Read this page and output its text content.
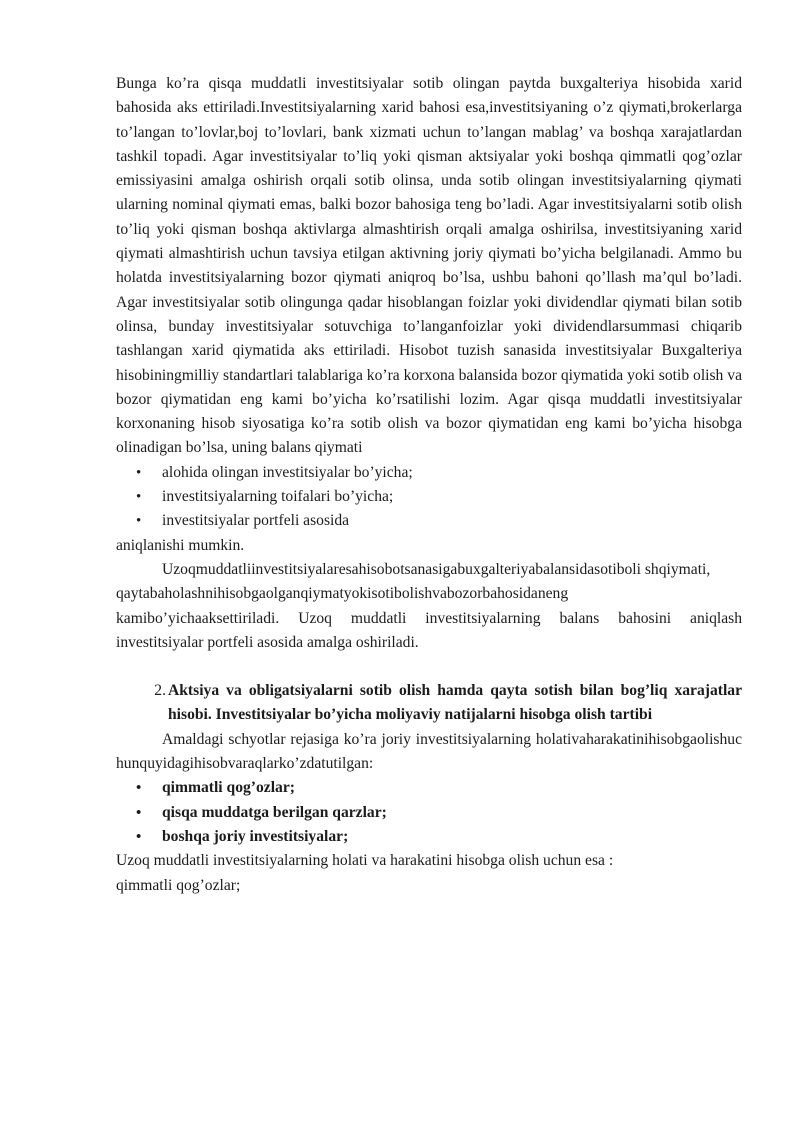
Bunga ko’ra qisqa muddatli investitsiyalar sotib olingan paytda buxgalteriya hisobida xarid bahosida aks ettiriladi.Investitsiyalarning xarid bahosi esa,investitsiyaning o’z qiymati,brokerlarga to’langan to’lovlar,boj to’lovlari, bank xizmati uchun to’langan mablag’ va boshqa xarajatlardan tashkil topadi. Agar investitsiyalar to’liq yoki qisman aktsiyalar yoki boshqa qimmatli qog’ozlar emissiyasini amalga oshirish orqali sotib olinsa, unda sotib olingan investitsiyalarning qiymati ularning nominal qiymati emas, balki bozor bahosiga teng bo’ladi. Agar investitsiyalarni sotib olish to’liq yoki qisman boshqa aktivlarga almashtirish orqali amalga oshirilsa, investitsiyaning xarid qiymati almashtirish uchun tavsiya etilgan aktivning joriy qiymati bo’yicha belgilanadi. Ammo bu holatda investitsiyalarning bozor qiymati aniqroq bo’lsa, ushbu bahoni qo’llash ma’qul bo’ladi. Agar investitsiyalar sotib olingunga qadar hisoblangan foizlar yoki dividendlar qiymati bilan sotib olinsa, bunday investitsiyalar sotuvchiga to’langanfoizlar yoki dividendlarsummasi chiqarib tashlangan xarid qiymatida aks ettiriladi. Hisobot tuzish sanasida investitsiyalar Buxgalteriya hisobiningmilliy standartlari talablariga ko’ra korxona balansida bozor qiymatida yoki sotib olish va bozor qiymatidan eng kami bo’yicha ko’rsatilishi lozim. Agar qisqa muddatli investitsiyalar korxonaning hisob siyosatiga ko’ra sotib olish va bozor qiymatidan eng kami bo’yicha hisobga olinadigan bo’lsa, uning balans qiymati

• alohida olingan investitsiyalar bo’yicha;
• investitsiyalarning toifalari bo’yicha;
• investitsiyalar portfeli asosida

aniqlanishi mumkin.

Uzoqmuddatliinvestitsiyalaresahisobotsanasigabuxgalteriyabalansidasotiboli shqiymati,

qaytabaholashnihisobgaolganqiymatyokisotibolishvabozorbahosidaneng

kamibo’yichaaksettiriladi. Uzoq muddatli investitsiyalarning balans bahosini aniqlash investitsiyalar portfeli asosida amalga oshiriladi.

2. Aktsiya va obligatsiyalarni sotib olish hamda qayta sotish bilan bog’liq xarajatlar hisobi. Investitsiyalar bo’yicha moliyaviy natijalarni hisobga olish tartibi

Amaldagi schyotlar rejasiga ko’ra joriy investitsiyalarning holativaharakatinihisobgaolishuchunquyidagihisobvaraqlarko’zdatutilgan:

• qimmatli qog’ozlar;
• qisqa muddatga berilgan qarzlar;
• boshqa joriy investitsiyalar;

Uzoq muddatli investitsiyalarning holati va harakatini hisobga olish uchun esa :

qimmatli qog’ozlar;
